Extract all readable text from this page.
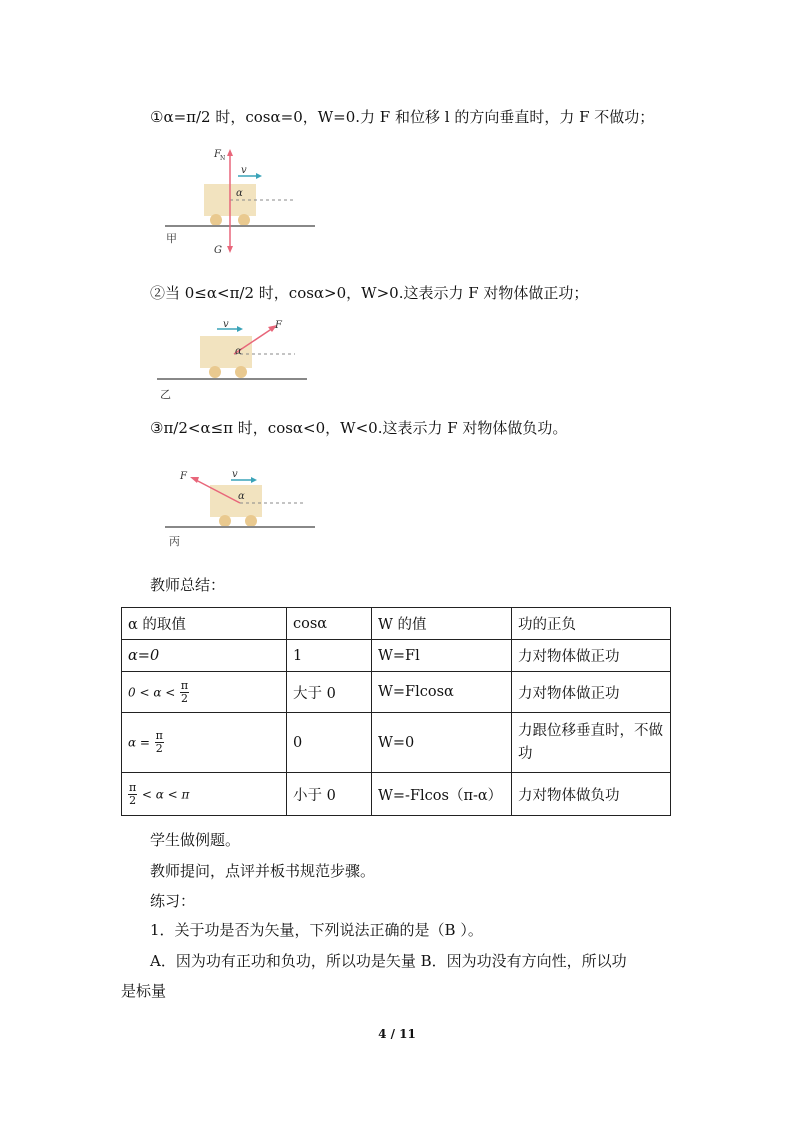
①α=π/2 时，cosα=0，W=0.力 F 和位移 l 的方向垂直时，力 F 不做功；
F N
v
α
G
甲
②当 0≤α<π/2 时，cosα>0，W>0.这表示力 F 对物体做正功；
v	F
α
乙
③π/2<α≤π 时，cosα<0，W<0.这表示力 F 对物体做负功。
F	v
α
丙
教师总结：
α 的取值	cosα	W 的值	功的正负
α=0	1	W=Fl	力对物体做正功
$0 < \alpha < \frac{\pi}{2}$	大于 0	W=Flcosα	力对物体做正功
$\alpha = \frac{\pi}{2}$	0	W=0	力跟位移垂直时，不做功

$\frac{\pi}{2} < \alpha < \pi$	小于 0	W=-Flcos（π-α）	力对物体做负功
学生做例题。
教师提问，点评并板书规范步骤。
练习：
1．关于功是否为矢量，下列说法正确的是（B ）。
A．因为功有正功和负功，所以功是矢量 B．因为功没有方向性，所以功
是标量
4 / 11
